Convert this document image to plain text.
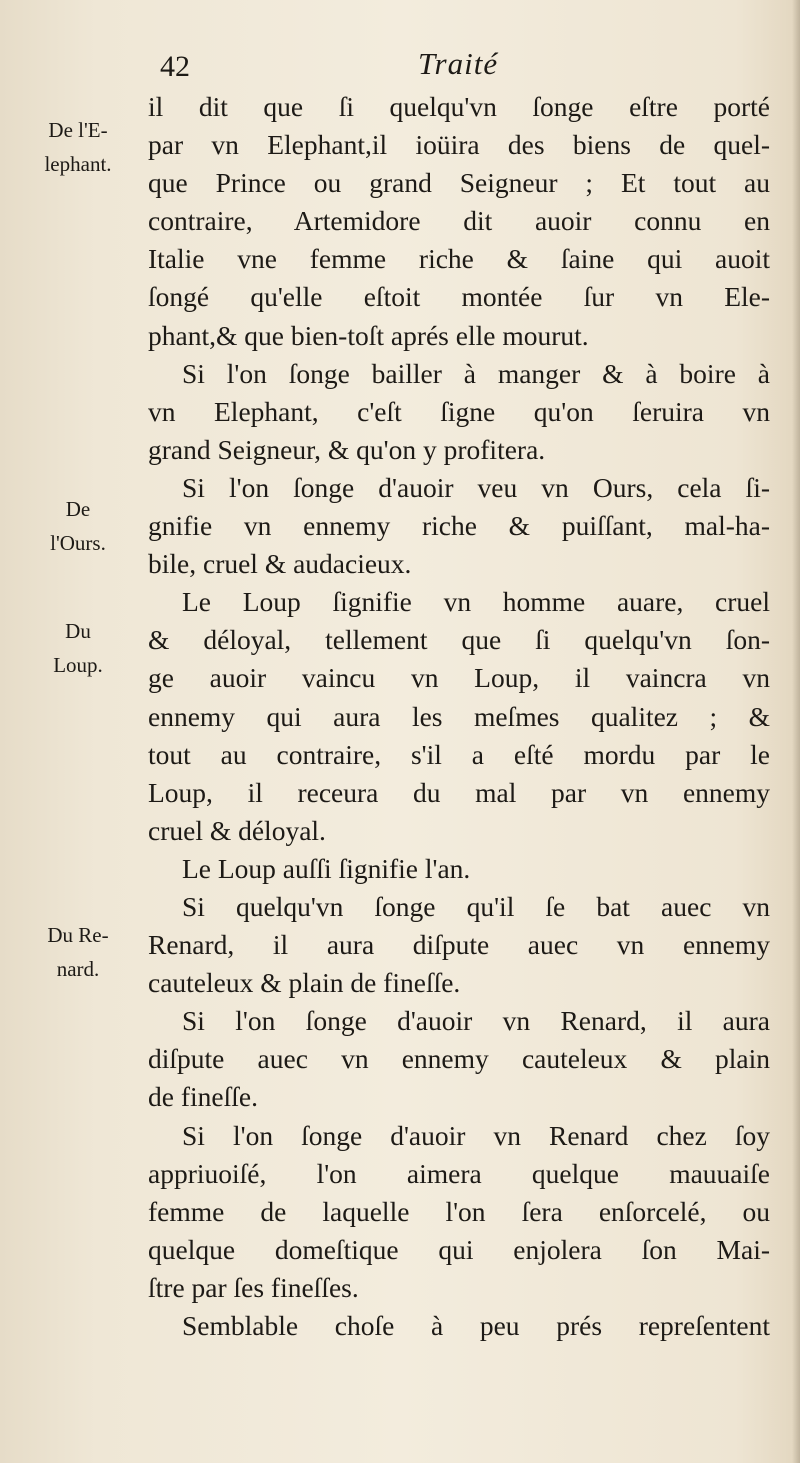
42	Traité
De l'E-
lephant.
De
l'Ours.
Du
Loup.
Du Re-
nard.
il dit que ſi quelqu'vn ſonge eſtre porté
par vn Elephant,il ioüira des biens de quel-
que Prince ou grand Seigneur ; Et tout au
contraire, Artemidore dit auoir connu en
Italie vne femme riche & ſaine qui auoit
ſongé qu'elle eſtoit montée ſur vn Ele-
phant,& que bien-toſt aprés elle mourut.
Si l'on ſonge bailler à manger & à boire à
vn Elephant, c'eſt ſigne qu'on ſeruira vn
grand Seigneur, & qu'on y profitera.
Si l'on ſonge d'auoir veu vn Ours, cela ſi-
gnifie vn ennemy riche & puiſſant, mal-ha-
bile, cruel & audacieux.
Le Loup ſignifie vn homme auare, cruel
& déloyal, tellement que ſi quelqu'vn ſon-
ge auoir vaincu vn Loup, il vaincra vn
ennemy qui aura les meſmes qualitez ; &
tout au contraire, s'il a eſté mordu par le
Loup, il receura du mal par vn ennemy
cruel & déloyal.
Le Loup auſſi ſignifie l'an.
Si quelqu'vn ſonge qu'il ſe bat auec vn
Renard, il aura diſpute auec vn ennemy
cauteleux & plain de fineſſe.
Si l'on ſonge d'auoir vn Renard, il aura
diſpute auec vn ennemy cauteleux & plain
de fineſſe.
Si l'on ſonge d'auoir vn Renard chez ſoy
appriuoiſé, l'on aimera quelque mauuaiſe
femme de laquelle l'on ſera enſorcelé, ou
quelque domeſtique qui enjolera ſon Mai-
ſtre par ſes fineſſes.
Semblable choſe à peu prés repreſentent
